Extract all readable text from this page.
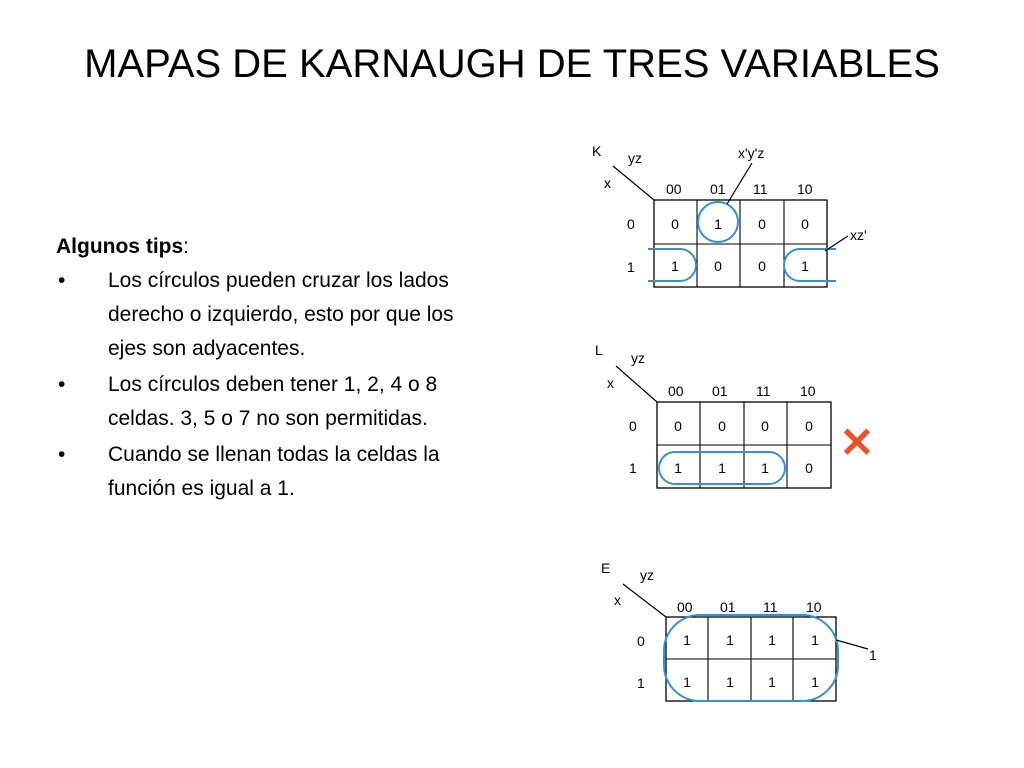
MAPAS DE KARNAUGH DE TRES VARIABLES
Algunos tips:
• Los círculos pueden cruzar los lados derecho o izquierdo, esto por que los ejes son adyacentes.
• Los círculos deben tener 1, 2, 4 o 8 celdas. 3, 5 o 7 no son permitidas.
• Cuando se llenan todas la celdas la función es igual a 1.
K yz
x	00 01 11 10
0
1
0	1	0	0
1	0	0	1
x'y'z
xz'
L yz
x	00 01 11 10
0
1
0	0	0	0
1	1	1	0
✕
E yz
x	00 01 11 10
0
1
1	1 1	1
1	1 1	1
1
